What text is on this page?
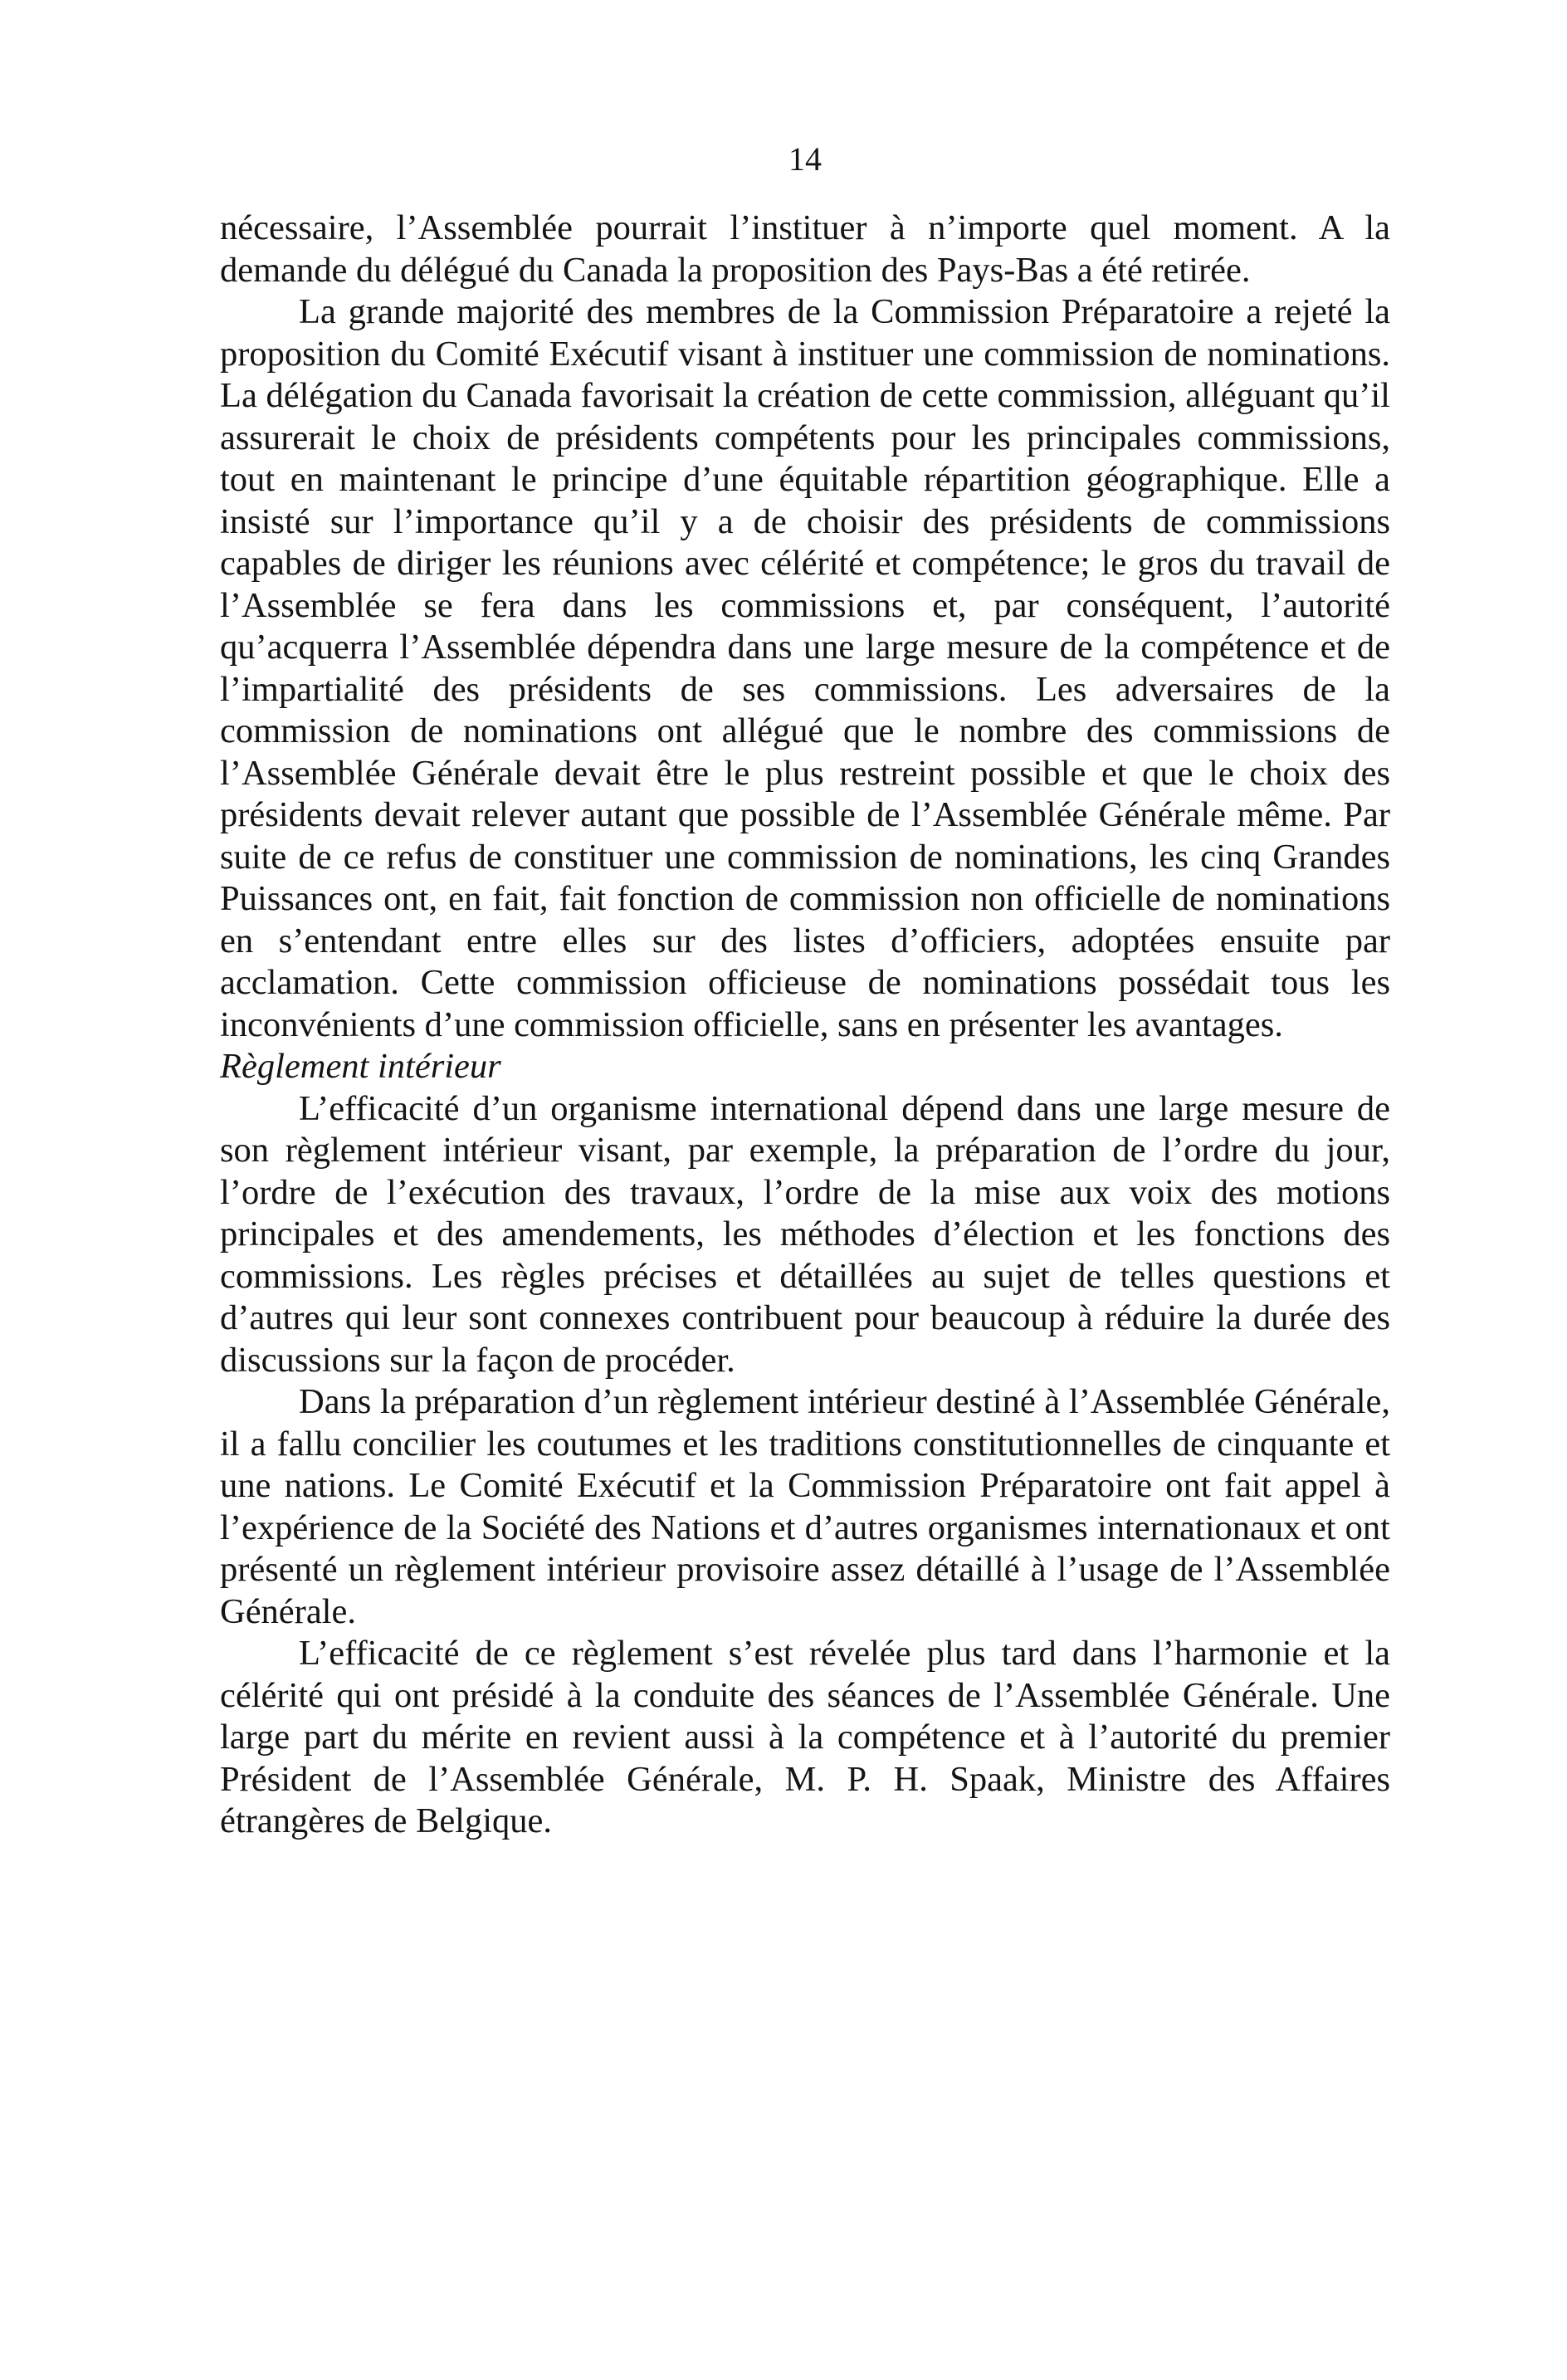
14

nécessaire, l’Assemblée pourrait l’instituer à n’importe quel moment. A la demande du délégué du Canada la proposition des Pays-Bas a été retirée.

La grande majorité des membres de la Commission Préparatoire a rejeté la proposition du Comité Exécutif visant à instituer une commission de nominations. La délégation du Canada favorisait la création de cette commission, alléguant qu’il assurerait le choix de présidents compétents pour les principales commissions, tout en maintenant le principe d’une équitable répartition géographique. Elle a insisté sur l’importance qu’il y a de choisir des présidents de commissions capables de diriger les réunions avec célérité et compétence; le gros du travail de l’Assemblée se fera dans les commissions et, par conséquent, l’autorité qu’acquerra l’Assemblée dépendra dans une large mesure de la compétence et de l’impartialité des présidents de ses commissions. Les adversaires de la commission de nominations ont allégué que le nombre des commissions de l’Assemblée Générale devait être le plus restreint possible et que le choix des présidents devait relever autant que possible de l’Assemblée Générale même. Par suite de ce refus de constituer une commission de nominations, les cinq Grandes Puissances ont, en fait, fait fonction de commission non officielle de nominations en s’entendant entre elles sur des listes d’officiers, adoptées ensuite par acclamation. Cette commission officieuse de nominations possédait tous les inconvénients d’une commission officielle, sans en présenter les avantages.

Règlement intérieur

L’efficacité d’un organisme international dépend dans une large mesure de son règlement intérieur visant, par exemple, la préparation de l’ordre du jour, l’ordre de l’exécution des travaux, l’ordre de la mise aux voix des motions principales et des amendements, les méthodes d’élection et les fonctions des commissions. Les règles précises et détaillées au sujet de telles questions et d’autres qui leur sont connexes contribuent pour beaucoup à réduire la durée des discussions sur la façon de procéder.

Dans la préparation d’un règlement intérieur destiné à l’Assemblée Générale, il a fallu concilier les coutumes et les traditions constitutionnelles de cinquante et une nations. Le Comité Exécutif et la Commission Préparatoire ont fait appel à l’expérience de la Société des Nations et d’autres organismes internationaux et ont présenté un règlement intérieur provisoire assez détaillé à l’usage de l’Assemblée Générale.

L’efficacité de ce règlement s’est révelée plus tard dans l’harmonie et la célérité qui ont présidé à la conduite des séances de l’Assemblée Générale. Une large part du mérite en revient aussi à la compétence et à l’autorité du premier Président de l’Assemblée Générale, M. P. H. Spaak, Ministre des Affaires étrangères de Belgique.
